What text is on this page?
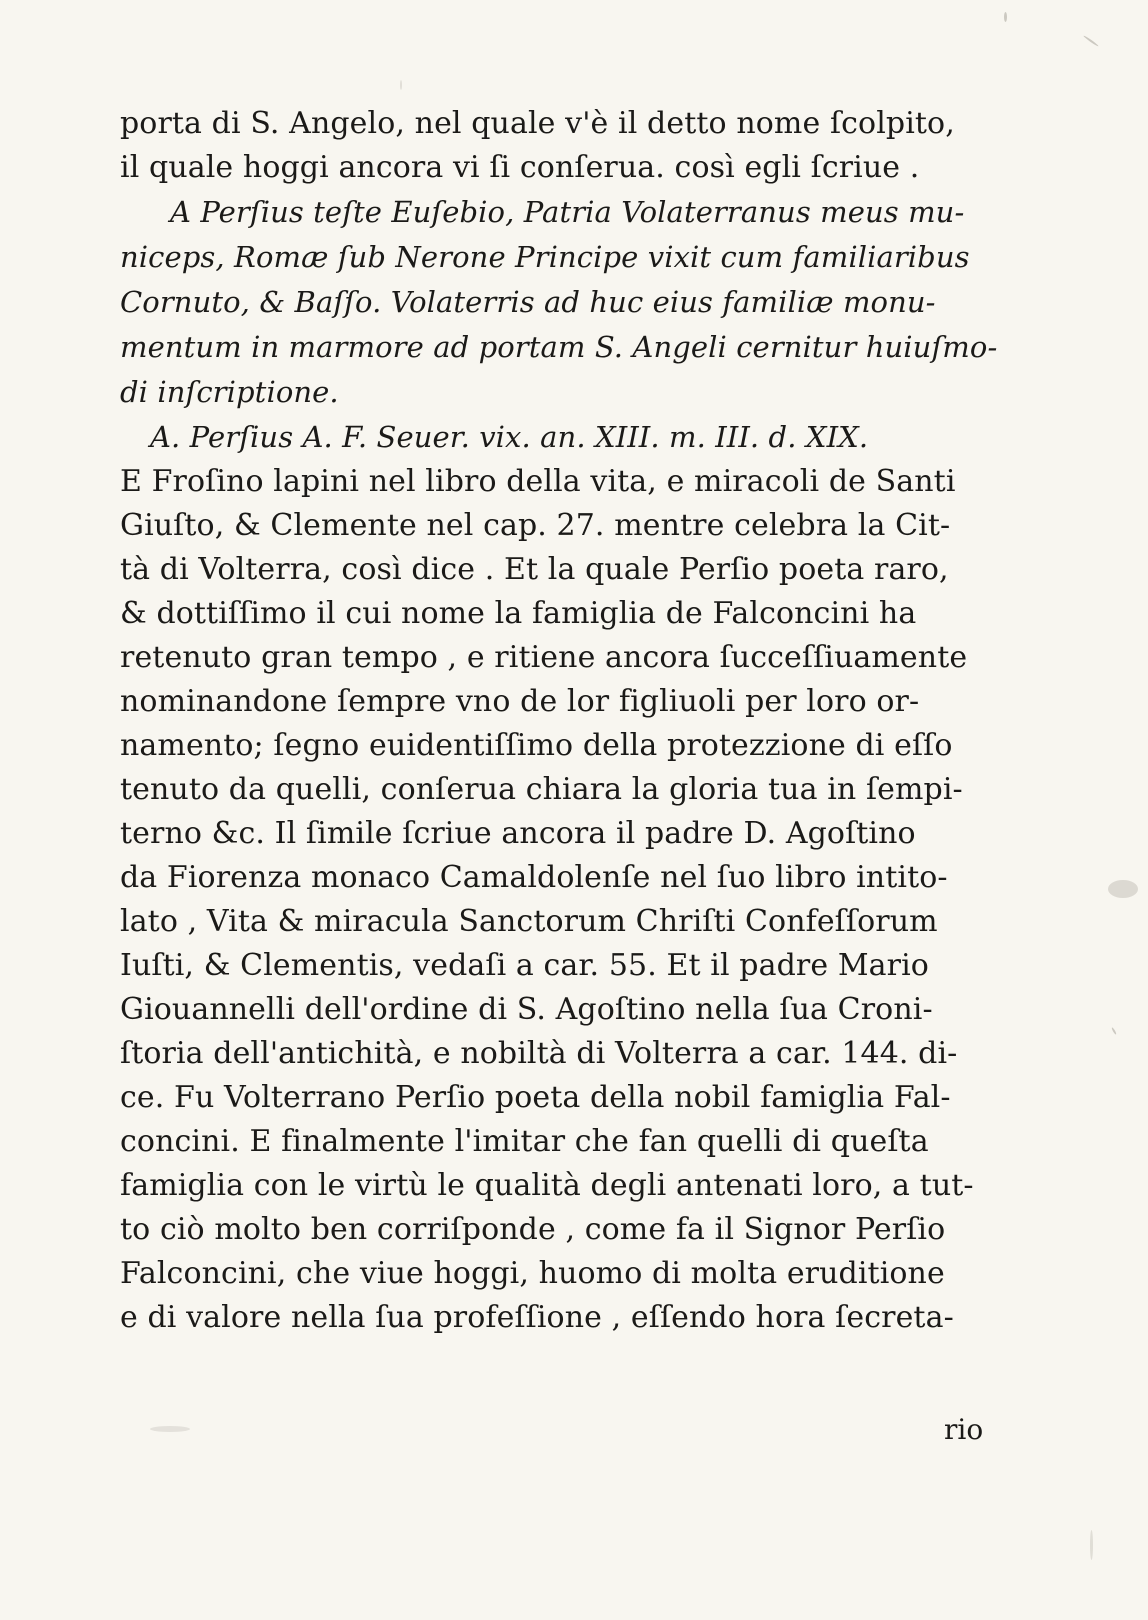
porta di S. Angelo, nel quale v'è il detto nome ſcolpito,
il quale hoggi ancora vi ſi conſerua. così egli ſcriue .
A Perſius teſte Euſebio, Patria Volaterranus meus mu-
niceps, Romæ ſub Nerone Principe vixit cum familiaribus
Cornuto, & Baſſo. Volaterris ad huc eius familiæ monu-
mentum in marmore ad portam S. Angeli cernitur huiuſmo-
di inſcriptione.
A. Perſius A. F. Seuer. vix. an. XIII. m. III. d. XIX.
E Froſino lapini nel libro della vita, e miracoli de Santi
Giuſto, & Clemente nel cap. 27. mentre celebra la Cit-
tà di Volterra, così dice . Et la quale Perſio poeta raro,
& dottiſſimo il cui nome la famiglia de Falconcini ha
retenuto gran tempo , e ritiene ancora ſucceſſiuamente
nominandone ſempre vno de lor figliuoli per loro or-
namento; ſegno euidentiſſimo della protezzione di eſſo
tenuto da quelli, conſerua chiara la gloria tua in ſempi-
terno &c. Il ſimile ſcriue ancora il padre D. Agoſtino
da Fiorenza monaco Camaldolenſe nel ſuo libro intito-
lato , Vita & miracula Sanctorum Chriſti Confeſſorum
Iuſti, & Clementis, vedaſi a car. 55. Et il padre Mario
Giouannelli dell'ordine di S. Agoſtino nella ſua Croni-
ſtoria dell'antichità, e nobiltà di Volterra a car. 144. di-
ce. Fu Volterrano Perſio poeta della nobil famiglia Fal-
concini. E finalmente l'imitar che fan quelli di queſta
famiglia con le virtù le qualità degli antenati loro, a tut-
to ciò molto ben corriſponde , come fa il Signor Perſio
Falconcini, che viue hoggi, huomo di molta eruditione
e di valore nella ſua profeſſione , eſſendo hora ſecreta-
rio
